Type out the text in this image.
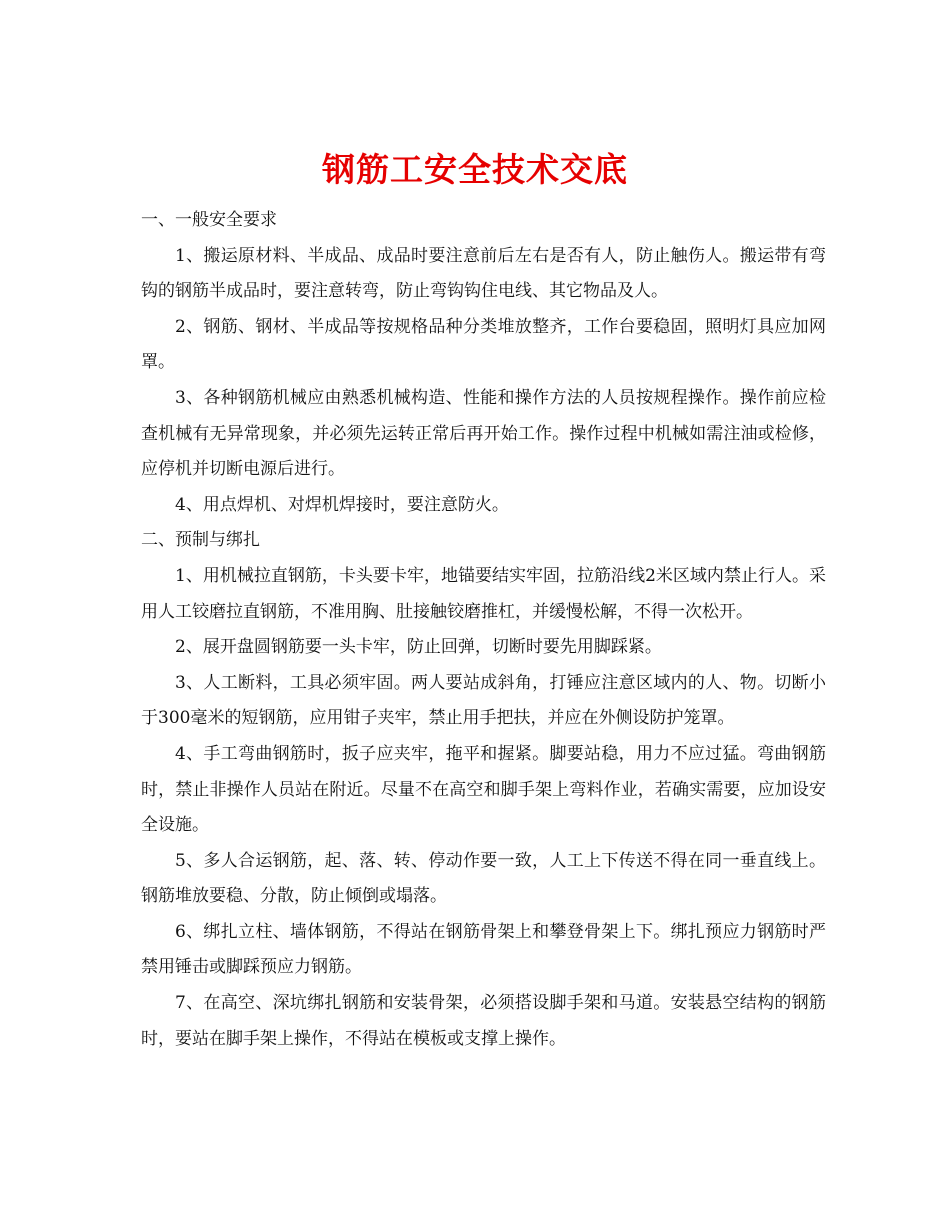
钢筋工安全技术交底

一、一般安全要求

1、搬运原材料、半成品、成品时要注意前后左右是否有人，防止触伤人。搬运带有弯钩的钢筋半成品时，要注意转弯，防止弯钩钩住电线、其它物品及人。

2、钢筋、钢材、半成品等按规格品种分类堆放整齐，工作台要稳固，照明灯具应加网罩。

3、各种钢筋机械应由熟悉机械构造、性能和操作方法的人员按规程操作。操作前应检查机械有无异常现象，并必须先运转正常后再开始工作。操作过程中机械如需注油或检修，应停机并切断电源后进行。

4、用点焊机、对焊机焊接时，要注意防火。

二、预制与绑扎

1、用机械拉直钢筋，卡头要卡牢，地锚要结实牢固，拉筋沿线2米区域内禁止行人。采用人工铰磨拉直钢筋，不准用胸、肚接触铰磨推杠，并缓慢松解，不得一次松开。

2、展开盘圆钢筋要一头卡牢，防止回弹，切断时要先用脚踩紧。

3、人工断料，工具必须牢固。两人要站成斜角，打锤应注意区域内的人、物。切断小于300毫米的短钢筋，应用钳子夹牢，禁止用手把扶，并应在外侧设防护笼罩。

4、手工弯曲钢筋时，扳子应夹牢，拖平和握紧。脚要站稳，用力不应过猛。弯曲钢筋时，禁止非操作人员站在附近。尽量不在高空和脚手架上弯料作业，若确实需要，应加设安全设施。

5、多人合运钢筋，起、落、转、停动作要一致，人工上下传送不得在同一垂直线上。钢筋堆放要稳、分散，防止倾倒或塌落。

6、绑扎立柱、墙体钢筋，不得站在钢筋骨架上和攀登骨架上下。绑扎预应力钢筋时严禁用锤击或脚踩预应力钢筋。

7、在高空、深坑绑扎钢筋和安装骨架，必须搭设脚手架和马道。安装悬空结构的钢筋时，要站在脚手架上操作，不得站在模板或支撑上操作。
